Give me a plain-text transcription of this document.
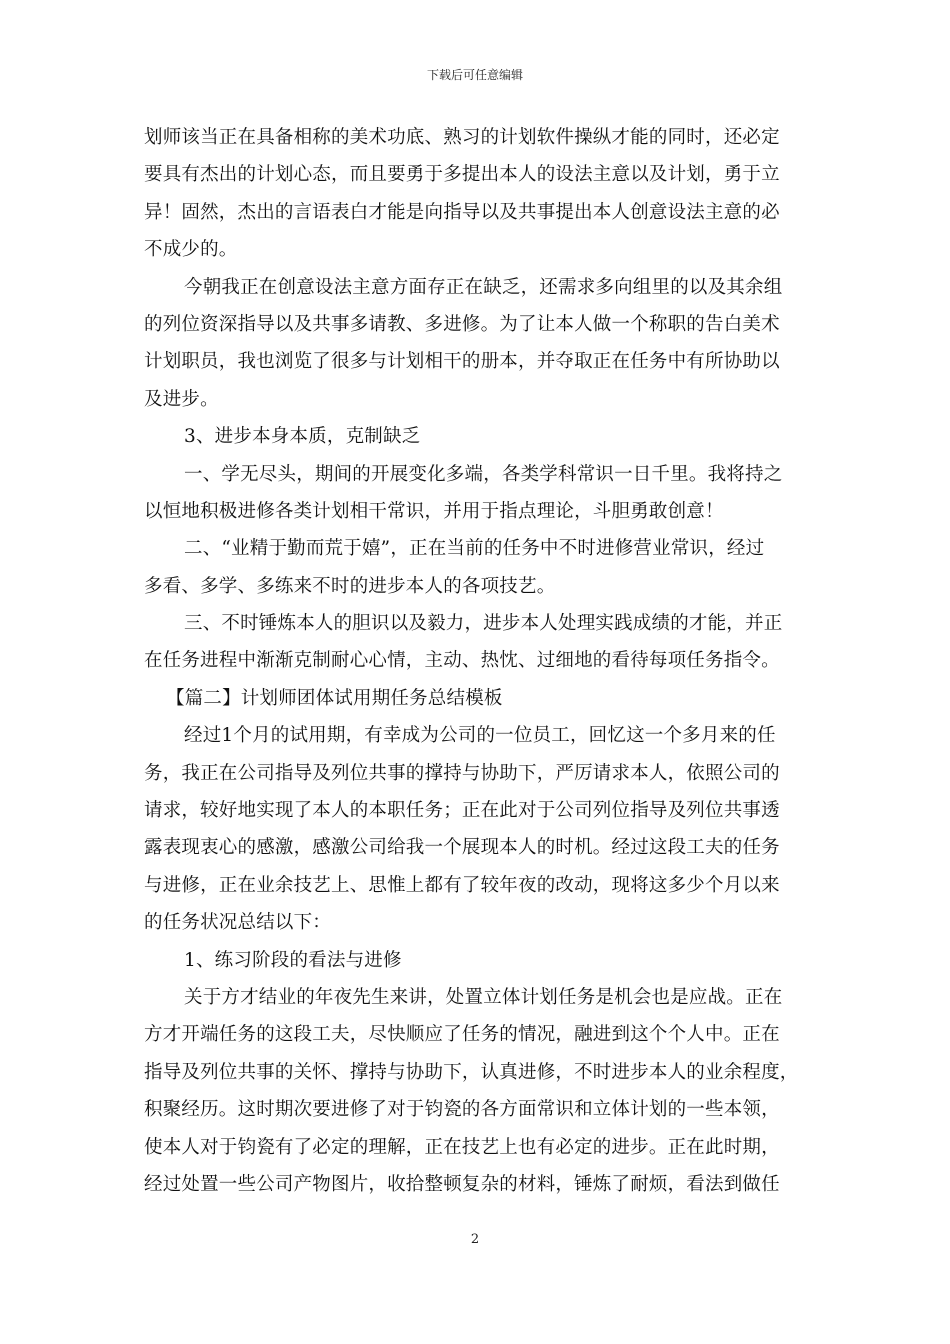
下载后可任意编辑
划师该当正在具备相称的美术功底、熟习的计划软件操纵才能的同时，还必定
要具有杰出的计划心态，而且要勇于多提出本人的设法主意以及计划，勇于立
异！固然，杰出的言语表白才能是向指导以及共事提出本人创意设法主意的必
不成少的。
今朝我正在创意设法主意方面存正在缺乏，还需求多向组里的以及其余组
的列位资深指导以及共事多请教、多进修。为了让本人做一个称职的告白美术
计划职员，我也浏览了很多与计划相干的册本，并夺取正在任务中有所协助以
及进步。
3、进步本身本质，克制缺乏
一、学无尽头，期间的开展变化多端，各类学科常识一日千里。我将持之
以恒地积极进修各类计划相干常识，并用于指点理论，斗胆勇敢创意！
二、“业精于勤而荒于嬉”，正在当前的任务中不时进修营业常识，经过
多看、多学、多练来不时的进步本人的各项技艺。
三、不时锤炼本人的胆识以及毅力，进步本人处理实践成绩的才能，并正
在任务进程中渐渐克制耐心心情，主动、热忱、过细地的看待每项任务指令。
【篇二】计划师团体试用期任务总结模板
经过1个月的试用期，有幸成为公司的一位员工，回忆这一个多月来的任
务，我正在公司指导及列位共事的撑持与协助下，严厉请求本人，依照公司的
请求，较好地实现了本人的本职任务；正在此对于公司列位指导及列位共事透
露表现衷心的感激，感激公司给我一个展现本人的时机。经过这段工夫的任务
与进修，正在业余技艺上、思惟上都有了较年夜的改动，现将这多少个月以来
的任务状况总结以下：
1、练习阶段的看法与进修
关于方才结业的年夜先生来讲，处置立体计划任务是机会也是应战。正在
方才开端任务的这段工夫，尽快顺应了任务的情况，融进到这个个人中。正在
指导及列位共事的关怀、撑持与协助下，认真进修，不时进步本人的业余程度，
积聚经历。这时期次要进修了对于钧瓷的各方面常识和立体计划的一些本领，
使本人对于钧瓷有了必定的理解，正在技艺上也有必定的进步。正在此时期，
经过处置一些公司产物图片，收拾整顿复杂的材料，锤炼了耐烦，看法到做任
2
